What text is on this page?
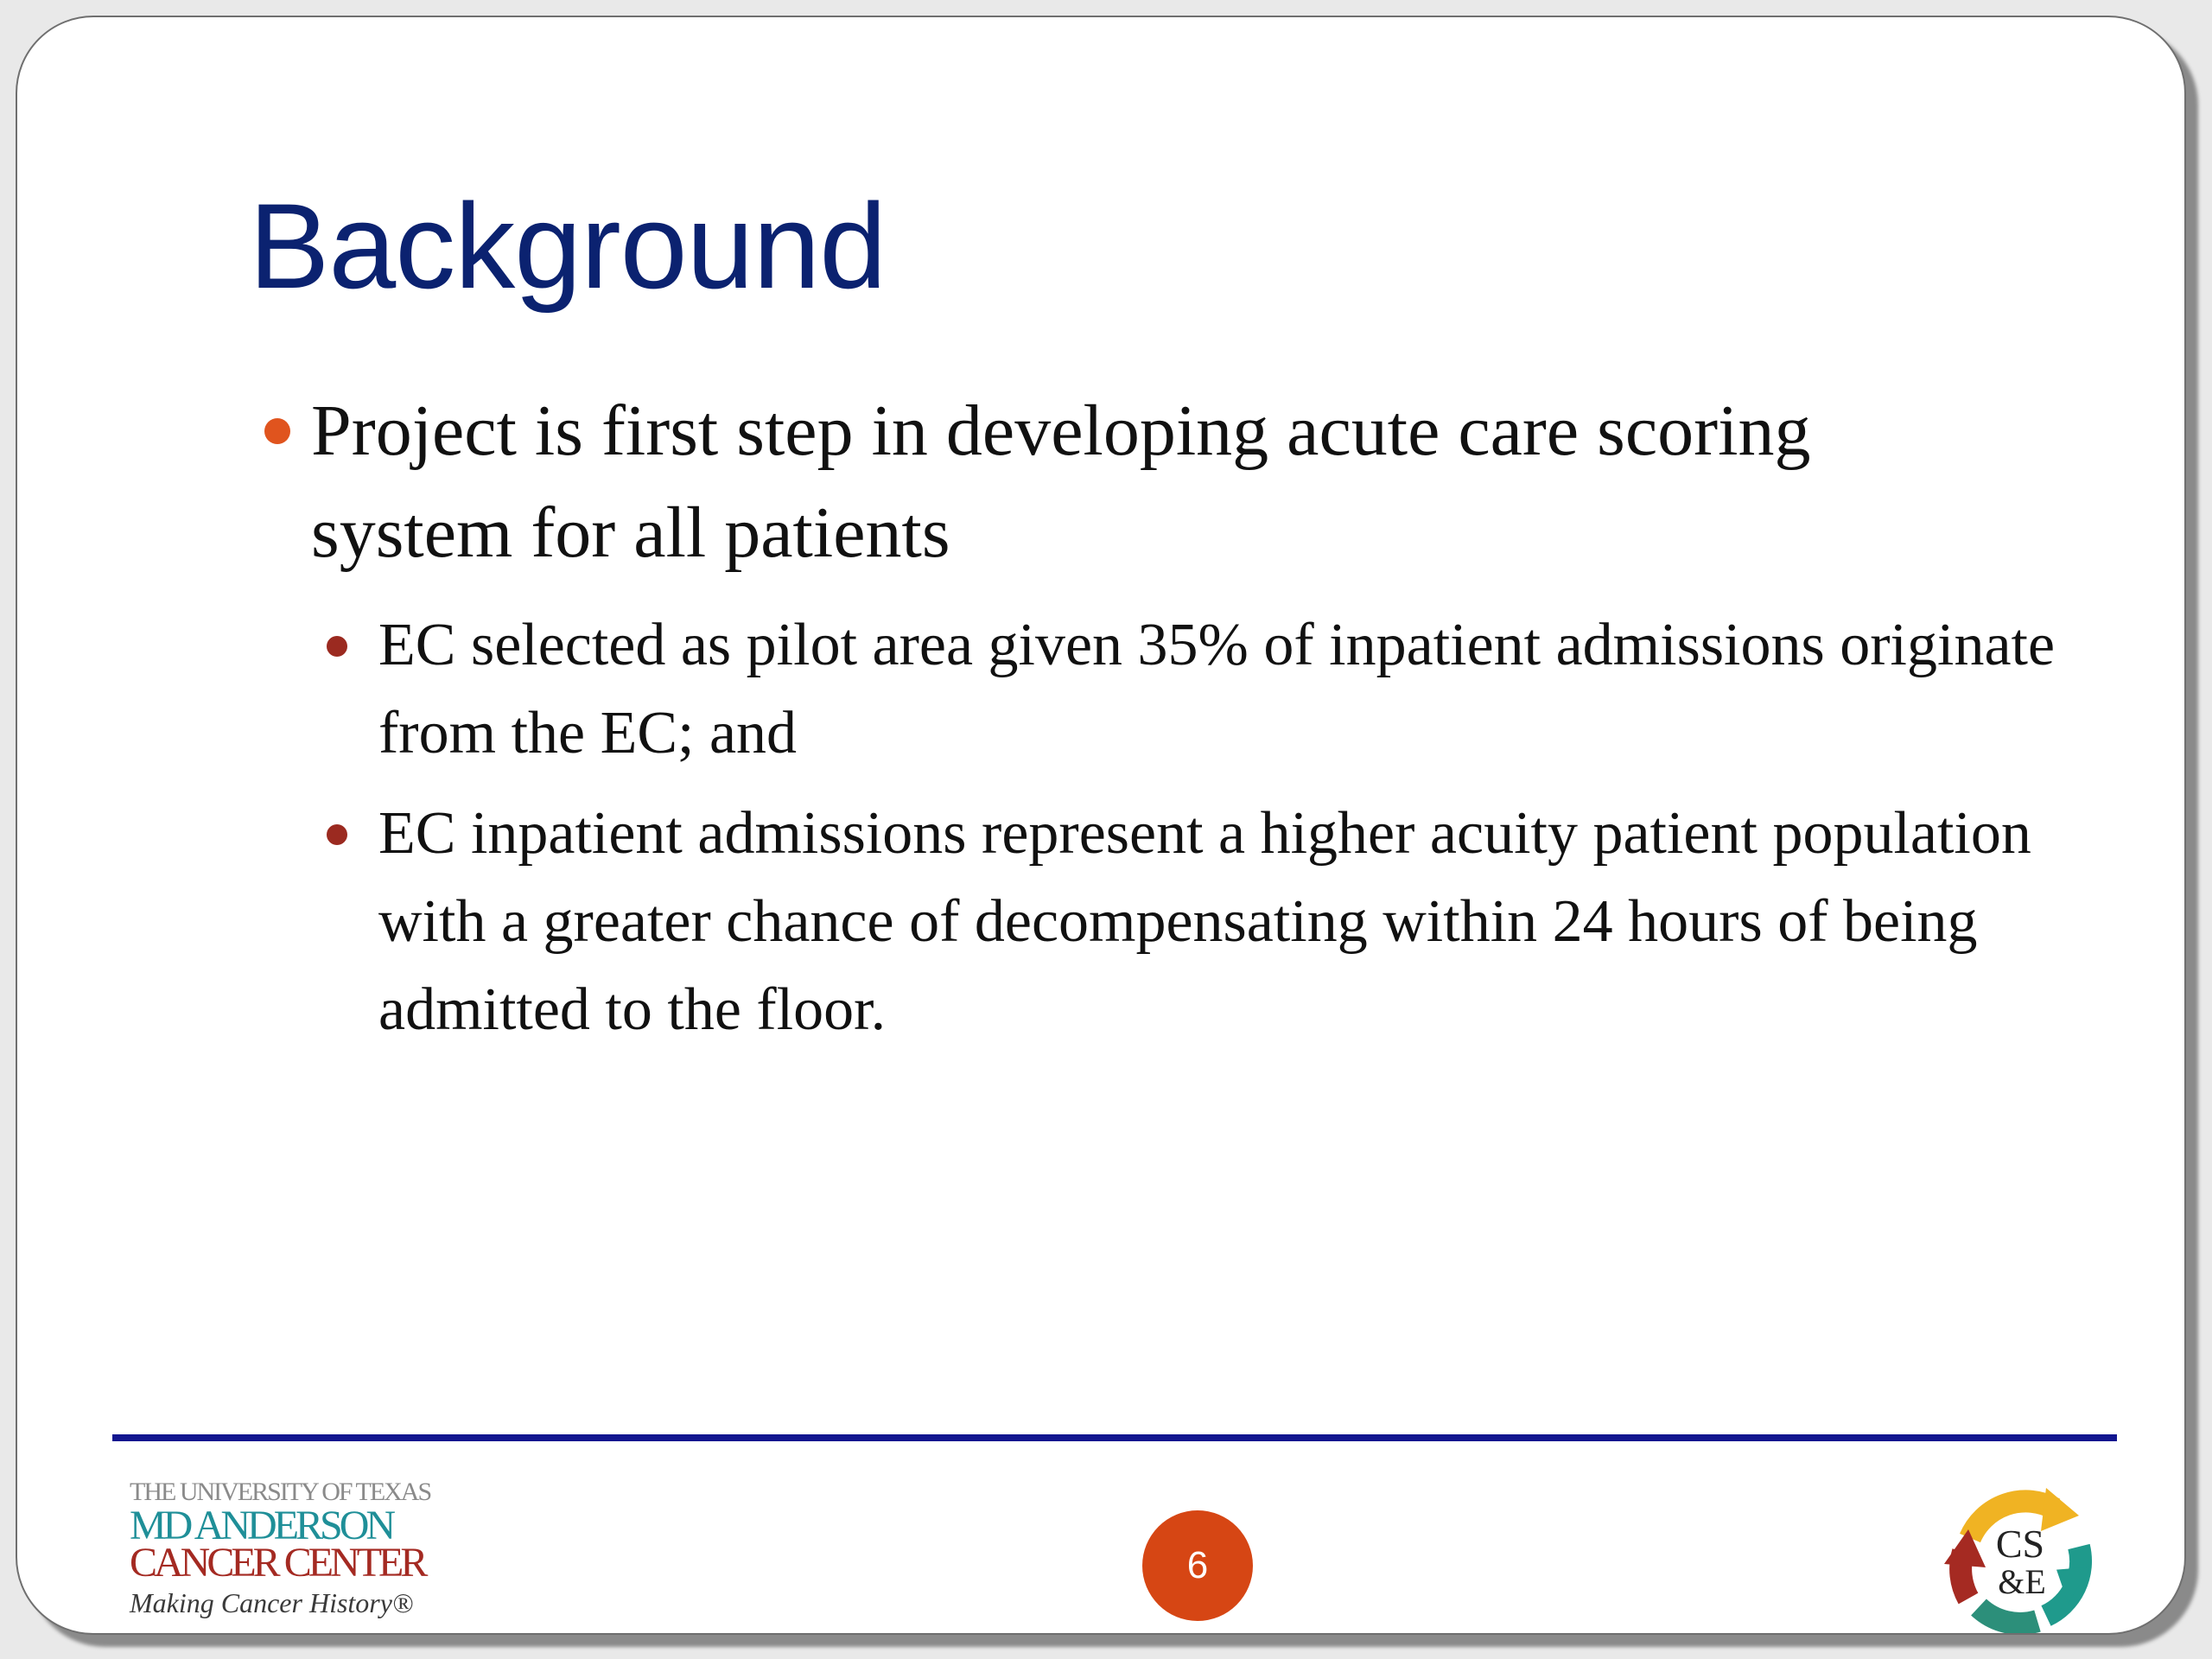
Background
Project is first step in developing acute care scoring system for all patients
EC selected as pilot area given 35% of inpatient admissions originate from the EC; and
EC inpatient admissions represent a higher acuity patient population with a greater chance of decompensating within 24 hours of being admitted to the floor.
THE UNIVERSITY OF TEXAS
MD ANDERSON
CANCER CENTER
Making Cancer History®
6	CS
&E
